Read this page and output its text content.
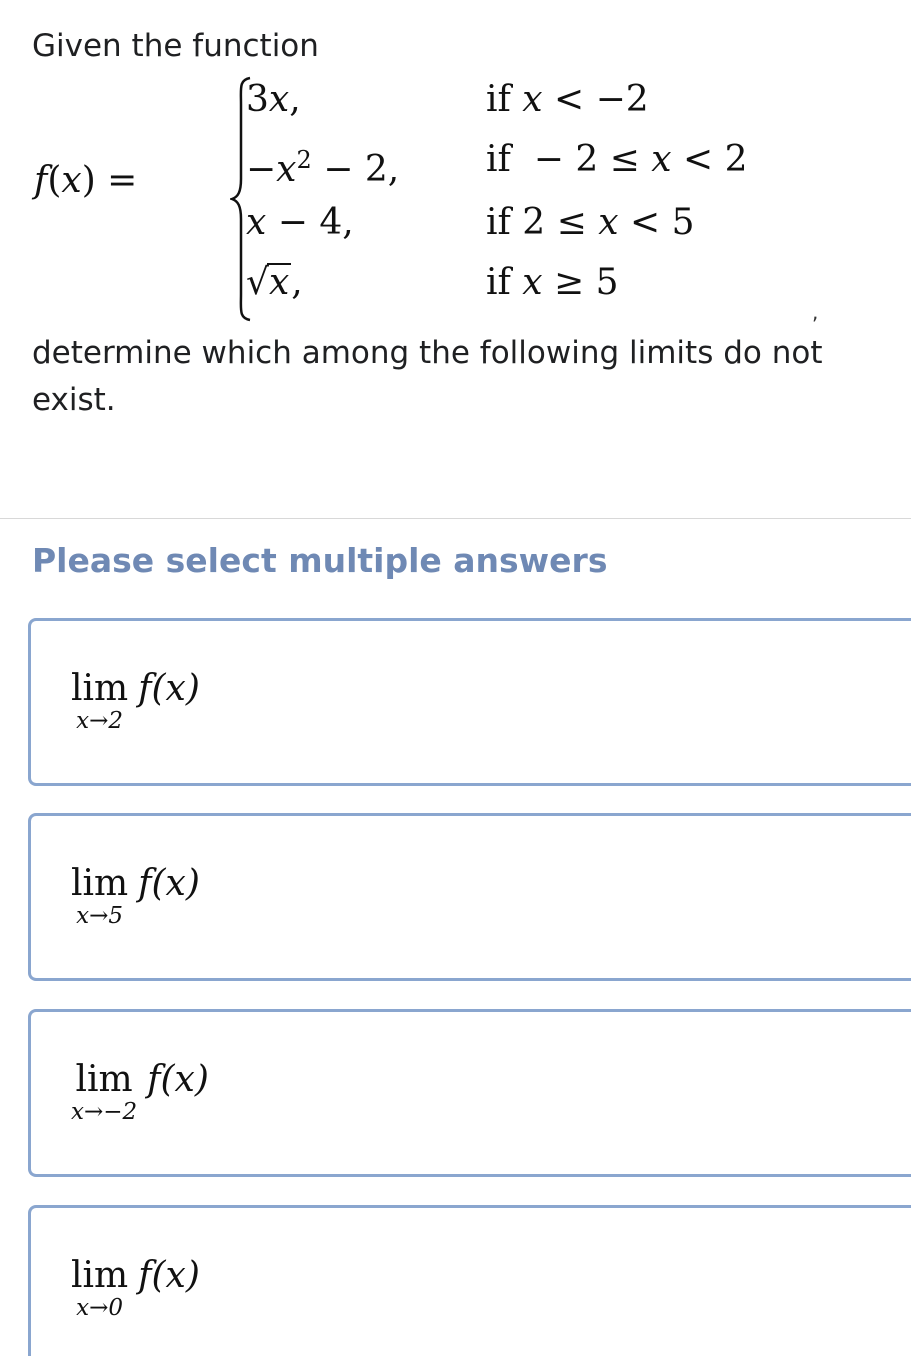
Given the function

f(x) =
3x,	if x < −2
$-x^2 - 2$, if  − 2 ≤ x < 2
x − 4,	if 2 ≤ x < 5
√x,	if x ≥ 5
,

determine which among the following limits do not exist.

Please select multiple answers

lim
x→2
f(x)
lim
x→5
f(x)
lim
x→−2
f(x)
lim
x→0
f(x)
